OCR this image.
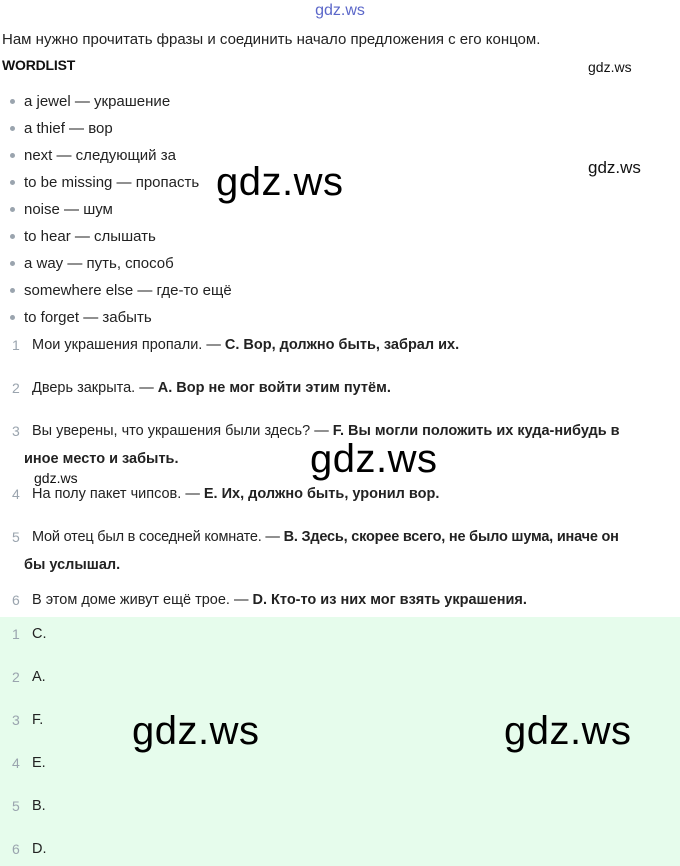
gdz.ws
Нам нужно прочитать фразы и соединить начало предложения с его концом.
WORDLIST	gdz.ws
a jewel — украшение
a thief — вор
next — следующий за
to be missing — пропасть
noise — шум
to hear — слышать
a way — путь, способ
somewhere else — где-то ещё
to forget — забыть
gdz.ws	gdz.ws
1 Мои украшения пропали. — C. Вор, должно быть, забрал их.
2 Дверь закрыта. — A. Вор не мог войти этим путём.
3 Вы уверены, что украшения были здесь? — F. Вы могли положить их куда-нибудь в
иное место и забыть.
gdz.ws	gdz.ws
4 На полу пакет чипсов. — E. Их, должно быть, уронил вор.
5 Мой отец был в соседней комнате. — B. Здесь, скорее всего, не было шума, иначе он
бы услышал.
6 В этом доме живут ещё трое. — D. Кто-то из них мог взять украшения.
1 C.
2 A.
3 F.
4 E.
5 B.
6 D.
gdz.ws	gdz.ws
